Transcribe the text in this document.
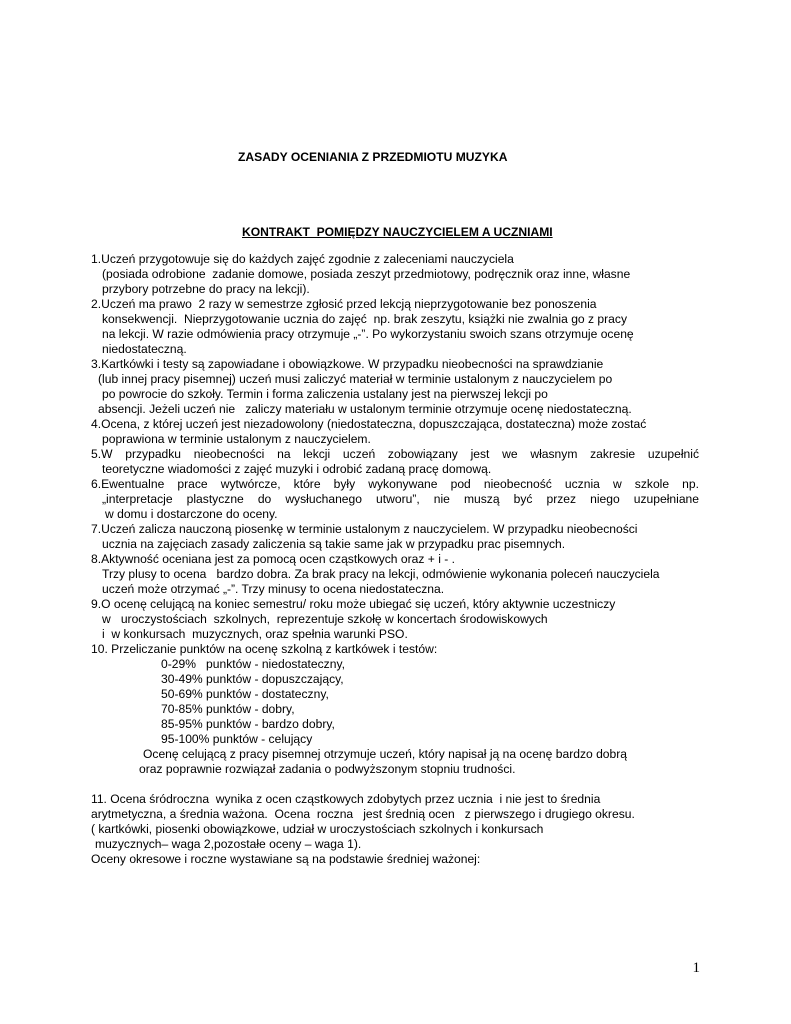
ZASADY OCENIANIA Z PRZEDMIOTU MUZYKA
KONTRAKT  POMIĘDZY NAUCZYCIELEM A UCZNIAMI
1.Uczeń przygotowuje się do każdych zajęć zgodnie z zaleceniami nauczyciela
(posiada odrobione  zadanie domowe, posiada zeszyt przedmiotowy, podręcznik oraz inne, własne
przybory potrzebne do pracy na lekcji).
2.Uczeń ma prawo  2 razy w semestrze zgłosić przed lekcją nieprzygotowanie bez ponoszenia
konsekwencji.  Nieprzygotowanie ucznia do zajęć  np. brak zeszytu, książki nie zwalnia go z pracy
na lekcji. W razie odmówienia pracy otrzymuje „-”. Po wykorzystaniu swoich szans otrzymuje ocenę
niedostateczną.
3.Kartkówki i testy są zapowiadane i obowiązkowe. W przypadku nieobecności na sprawdzianie
(lub innej pracy pisemnej) uczeń musi zaliczyć materiał w terminie ustalonym z nauczycielem po
po powrocie do szkoły. Termin i forma zaliczenia ustalany jest na pierwszej lekcji po
absencji. Jeżeli uczeń nie   zaliczy materiału w ustalonym terminie otrzymuje ocenę niedostateczną.
4.Ocena, z której uczeń jest niezadowolony (niedostateczna, dopuszczająca, dostateczna) może zostać
poprawiona w terminie ustalonym z nauczycielem.
5.W przypadku nieobecności na lekcji uczeń zobowiązany jest we własnym zakresie uzupełnić
teoretyczne wiadomości z zajęć muzyki i odrobić zadaną pracę domową.
6.Ewentualne prace wytwórcze, które były wykonywane pod nieobecność ucznia w szkole np.
„interpretacje plastyczne do wysłuchanego utworu”, nie muszą być przez niego uzupełniane
w domu i dostarczone do oceny.
7.Uczeń zalicza nauczoną piosenkę w terminie ustalonym z nauczycielem. W przypadku nieobecności
ucznia na zajęciach zasady zaliczenia są takie same jak w przypadku prac pisemnych.
8.Aktywność oceniana jest za pomocą ocen cząstkowych oraz + i - .
Trzy plusy to ocena   bardzo dobra. Za brak pracy na lekcji, odmówienie wykonania poleceń nauczyciela
uczeń może otrzymać „-”. Trzy minusy to ocena niedostateczna.
9.O ocenę celującą na koniec semestru/ roku może ubiegać się uczeń, który aktywnie uczestniczy
w   uroczystościach  szkolnych,  reprezentuje szkołę w koncertach środowiskowych
i  w konkursach  muzycznych, oraz spełnia warunki PSO.
10. Przeliczanie punktów na ocenę szkolną z kartkówek i testów:
0-29%   punktów - niedostateczny,
30-49% punktów - dopuszczający,
50-69% punktów - dostateczny,
70-85% punktów - dobry,
85-95% punktów - bardzo dobry,
95-100% punktów - celujący
Ocenę celującą z pracy pisemnej otrzymuje uczeń, który napisał ją na ocenę bardzo dobrą
oraz poprawnie rozwiązał zadania o podwyższonym stopniu trudności.
11. Ocena śródroczna  wynika z ocen cząstkowych zdobytych przez ucznia  i nie jest to średnia
arytmetyczna, a średnia ważona.  Ocena  roczna   jest średnią ocen   z pierwszego i drugiego okresu.
( kartkówki, piosenki obowiązkowe, udział w uroczystościach szkolnych i konkursach
muzycznych– waga 2,pozostałe oceny – waga 1).
Oceny okresowe i roczne wystawiane są na podstawie średniej ważonej:
1
